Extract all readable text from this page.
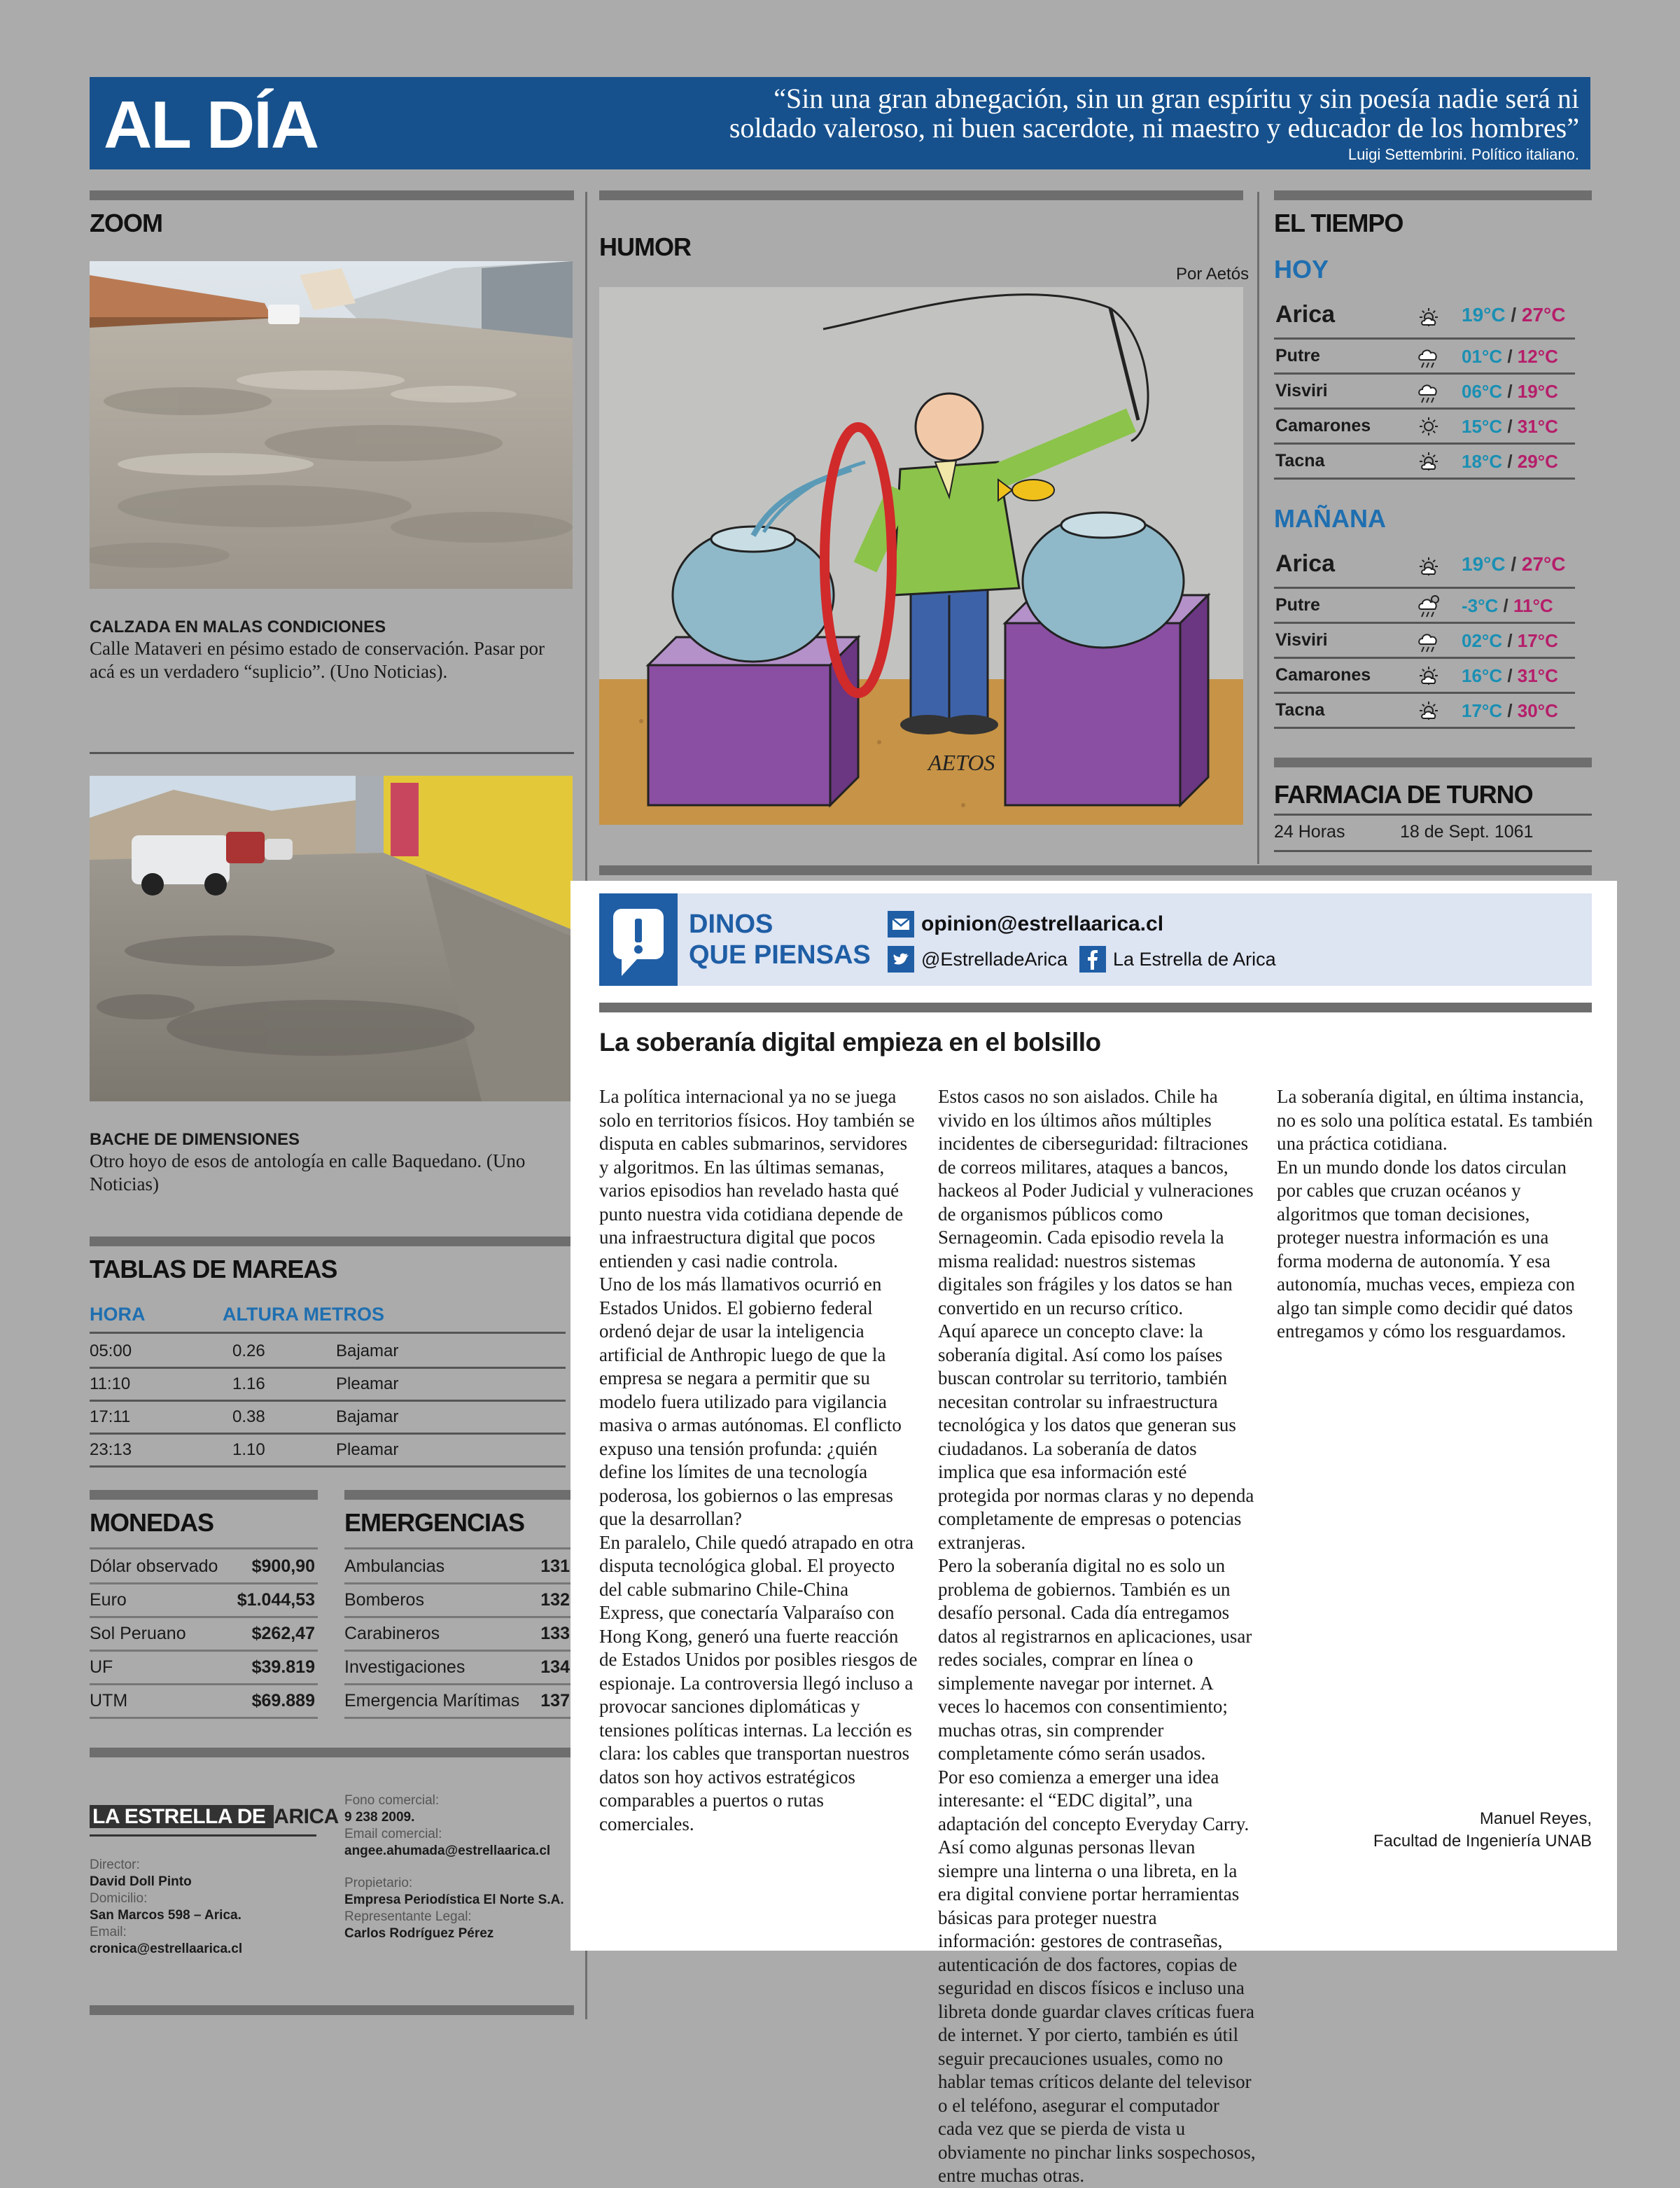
AL DÍA	“Sin una gran abnegación, sin un gran espíritu y sin poesía nadie será ni
soldado valeroso, ni buen sacerdote, ni maestro y educador de los hombres”
Luigi Settembrini. Político italiano.
ZOOM
CALZADA EN MALAS CONDICIONES
Calle Mataveri en pésimo estado de conservación. Pasar por acá es un verdadero “suplicio”. (Uno Noticias).
BACHE DE DIMENSIONES
Otro hoyo de esos de antología en calle Baquedano. (Uno Noticias)
TABLAS DE MAREAS
HORA	ALTURA METROS
05:00	0.26	Bajamar
11:10	1.16	Pleamar
17:11	0.38	Bajamar
23:13	1.10	Pleamar
MONEDAS
Dólar observado $900,90
Euro	$1.044,53
Sol Peruano	$262,47
UF	$39.819
UTM	$69.889
EMERGENCIAS
Ambulancias	131
Bomberos	132
Carabineros	133
Investigaciones	134
Emergencia Marítimas 137
LA ESTRELLA DE ARICA
Director:
David Doll Pinto
Domicilio:
San Marcos 598 – Arica.
Email:
cronica@estrellaarica.cl
Fono comercial:
9 238 2009.
Email comercial:
angee.ahumada@estrellaarica.cl
Propietario:
Empresa Periodística El Norte S.A.
Representante Legal:
Carlos Rodríguez Pérez
HUMOR
Por Aetós
AETOS
EL TIEMPO
HOY
MAÑANA
Arica	19°C / 27°C
Putre	01°C / 12°C
Visviri	06°C / 19°C
Camarones	15°C / 31°C
Tacna	18°C / 29°C
Arica	19°C / 27°C
Putre	-3°C / 11°C
Visviri	02°C / 17°C
Camarones	16°C / 31°C
Tacna	17°C / 30°C
FARMACIA DE TURNO
24 Horas	18 de Sept. 1061
DINOS
QUE PIENSAS
opinion@estrellaarica.cl
@EstrelladeArica La Estrella de Arica
La soberanía digital empieza en el bolsillo

La política internacional ya no se juega solo en territorios físicos. Hoy también se disputa en cables submarinos, servidores y algoritmos. En las últimas semanas, varios episodios han revelado hasta qué punto nuestra vida cotidiana depende de una infraestructura digital que pocos entienden y casi nadie controla.

Uno de los más llamativos ocurrió en Estados Unidos. El gobierno federal ordenó dejar de usar la inteligencia artificial de Anthropic luego de que la empresa se negara a permitir que su modelo fuera utilizado para vigilancia masiva o armas autónomas. El conflicto expuso una tensión profunda: ¿quién define los límites de una tecnología poderosa, los gobiernos o las empresas que la desarrollan?

En paralelo, Chile quedó atrapado en otra disputa tecnológica global. El proyecto del cable submarino Chile-China Express, que conectaría Valparaíso con Hong Kong, generó una fuerte reacción de Estados Unidos por posibles riesgos de espionaje. La controversia llegó incluso a provocar sanciones diplomáticas y tensiones políticas internas. La lección es clara: los cables que transportan nuestros datos son hoy activos estratégicos comparables a puertos o rutas comerciales.

Estos casos no son aislados. Chile ha vivido en los últimos años múltiples incidentes de ciberseguridad: filtraciones de correos militares, ataques a bancos, hackeos al Poder Judicial y vulneraciones de organismos públicos como Sernageomin. Cada episodio revela la misma realidad: nuestros sistemas digitales son frágiles y los datos se han convertido en un recurso crítico.

Aquí aparece un concepto clave: la soberanía digital. Así como los países buscan controlar su territorio, también necesitan controlar su infraestructura tecnológica y los datos que generan sus ciudadanos. La soberanía de datos implica que esa información esté protegida por normas claras y no dependa completamente de empresas o potencias extranjeras.

Pero la soberanía digital no es solo un problema de gobiernos. También es un desafío personal. Cada día entregamos datos al registrarnos en aplicaciones, usar redes sociales, comprar en línea o simplemente navegar por internet. A veces lo hacemos con consentimiento; muchas otras, sin comprender completamente cómo serán usados.

Por eso comienza a emerger una idea interesante: el “EDC digital”, una adaptación del concepto Everyday Carry. Así como algunas personas llevan siempre una linterna o una libreta, en la era digital conviene portar herramientas básicas para proteger nuestra información: gestores de contraseñas, autenticación de dos factores, copias de seguridad en discos físicos e incluso una libreta donde guardar claves críticas fuera de internet. Y por cierto, también es útil seguir precauciones usuales, como no hablar temas críticos delante del televisor o el teléfono, asegurar el computador cada vez que se pierda de vista u obviamente no pinchar links sospechosos, entre muchas otras.

La soberanía digital, en última instancia, no es solo una política estatal. Es también una práctica cotidiana.

En un mundo donde los datos circulan por cables que cruzan océanos y algoritmos que toman decisiones, proteger nuestra información es una forma moderna de autonomía. Y esa autonomía, muchas veces, empieza con algo tan simple como decidir qué datos entregamos y cómo los resguardamos.

Manuel Reyes,
Facultad de Ingeniería UNAB
